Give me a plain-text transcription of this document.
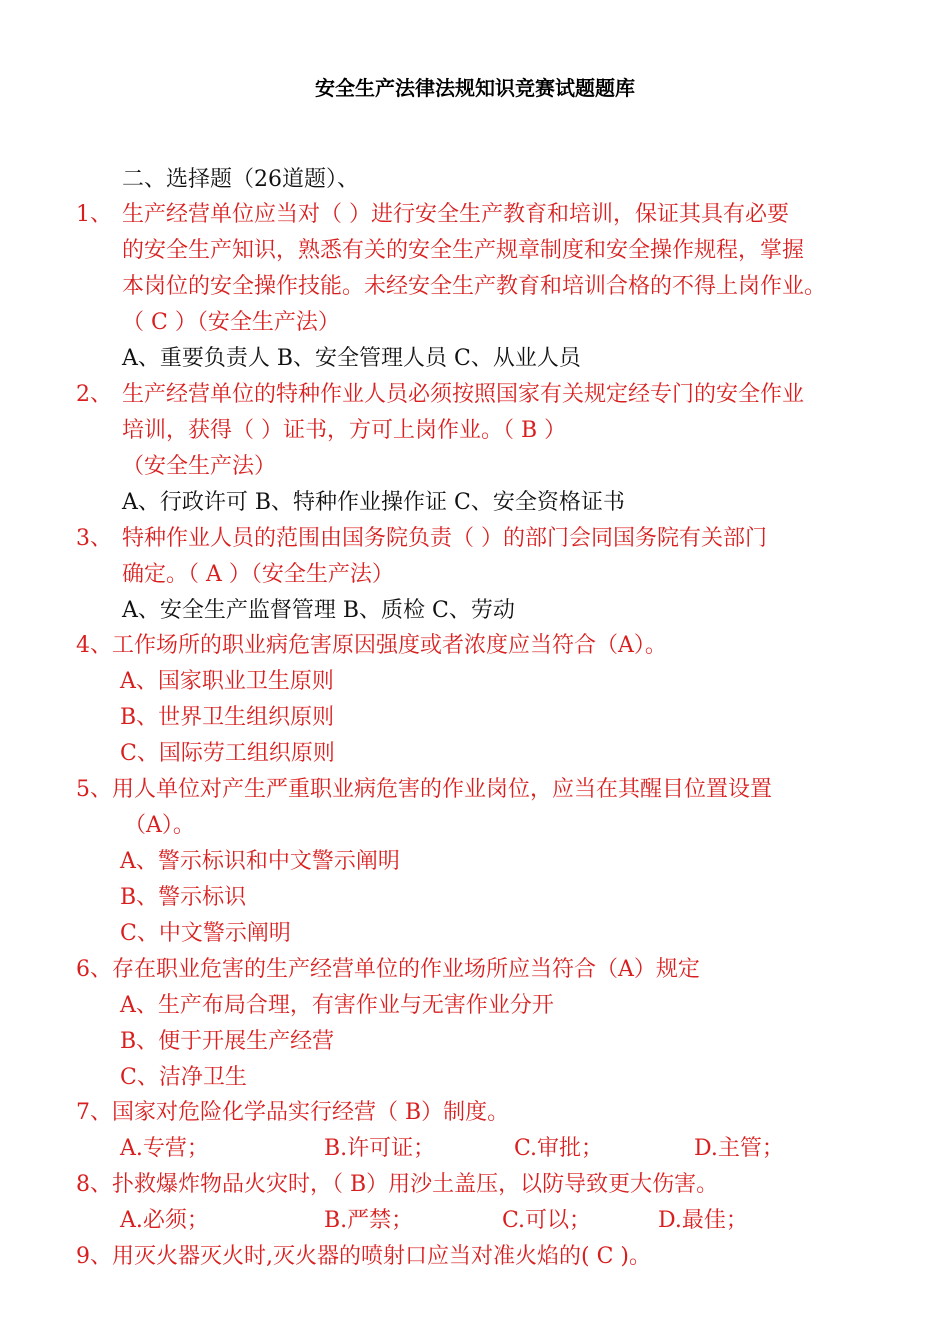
安全生产法律法规知识竞赛试题题库
二、选择题（26道题）、
1、 生产经营单位应当对（ ）进行安全生产教育和培训，保证其具有必要
的安全生产知识，熟悉有关的安全生产规章制度和安全操作规程，掌握
本岗位的安全操作技能。未经安全生产教育和培训合格的不得上岗作业。
（ C ）（安全生产法）
A、重要负责人 B、安全管理人员 C、从业人员
2、 生产经营单位的特种作业人员必须按照国家有关规定经专门的安全作业
培训，获得（ ）证书，方可上岗作业。（ B ）
（安全生产法）
A、行政许可 B、特种作业操作证 C、安全资格证书
3、 特种作业人员的范围由国务院负责（ ）的部门会同国务院有关部门
确定。（ A ）（安全生产法）
A、安全生产监督管理 B、质检 C、劳动
4、工作场所的职业病危害原因强度或者浓度应当符合（A）。
A、国家职业卫生原则
B、世界卫生组织原则
C、国际劳工组织原则
5、用人单位对产生严重职业病危害的作业岗位，应当在其醒目位置设置
（A）。
A、警示标识和中文警示阐明
B、警示标识
C、中文警示阐明
6、存在职业危害的生产经营单位的作业场所应当符合（A）规定
A、生产布局合理，有害作业与无害作业分开
B、便于开展生产经营
C、洁净卫生
7、国家对危险化学品实行经营（ B）制度。
A.专营；	B.许可证；	C.审批；	D.主管；
8、扑救爆炸物品火灾时，（ B）用沙土盖压，以防导致更大伤害。
A.必须；	B.严禁；	C.可以；	D.最佳；
9、用灭火器灭火时,灭火器的喷射口应当对准火焰的( C )。
